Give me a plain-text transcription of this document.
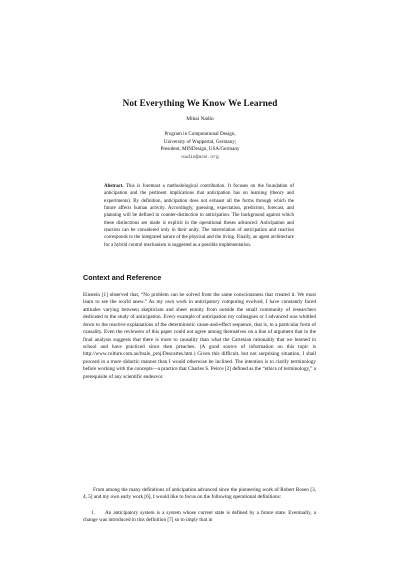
Not Everything We Know We Learned
Mihai Nadin
Program in Computational Design,
University of Wuppertal, Germany;
President, MINDesign, USA/Germany
nadin@acm.org
Abstract. This is foremost a methodological contribution. It focuses on the foundation of anticipation and the pertinent implications that anticipation has on learning (theory and experiments). By definition, anticipation does not exhaust all the forms through which the future affects human activity. Accordingly, guessing, expectation, prediction, forecast, and planning will be defined in counter-distinction to anticipation. The background against which these distinctions are made is explicit in the operational theses advanced: Anticipation and reaction can be considered only in their unity. The interrelation of anticipation and reaction corresponds to the integrated nature of the physical and the living. Finally, an agent architecture for a hybrid control mechanism is suggested as a possible implementation.
Context and Reference

Einstein [1] observed that, “No problem can be solved from the same consciousness that created it. We must learn to see the world anew.” As my own work in anticipatory computing evolved, I have constantly faced attitudes varying between skepticism and sheer enmity from outside the small community of researchers dedicated to the study of anticipation. Every example of anticipation my colleagues or I advanced was whittled down to the reactive explanations of the deterministic cause-and-effect sequence, that is, to a particular form of causality. Even the reviewers of this paper could not agree among themselves on a line of argument that in the final analysis suggests that there is more to causality than what the Cartesian rationality that we learned in school and have practiced since then preaches. (A good source of information on this topic is http://www.culture.com.au/brain_proj/Descartes.htm.) Given this difficult, but not surprising situation, I shall proceed in a more didactic manner than I would otherwise be inclined. The intention is to clarify terminology before working with the concepts—a practice that Charles S. Peirce [2] defined as the “ethics of terminology,” a prerequisite of any scientific endeavor.

From among the many definitions of anticipation advanced since the pioneering work of Robert Rosen [3, 4, 5] and my own early work [6], I would like to focus on the following operational definitions:

1. An anticipatory system is a system whose current state is defined by a future state. Eventually, a change was introduced in this definition [7] so to imply that in
